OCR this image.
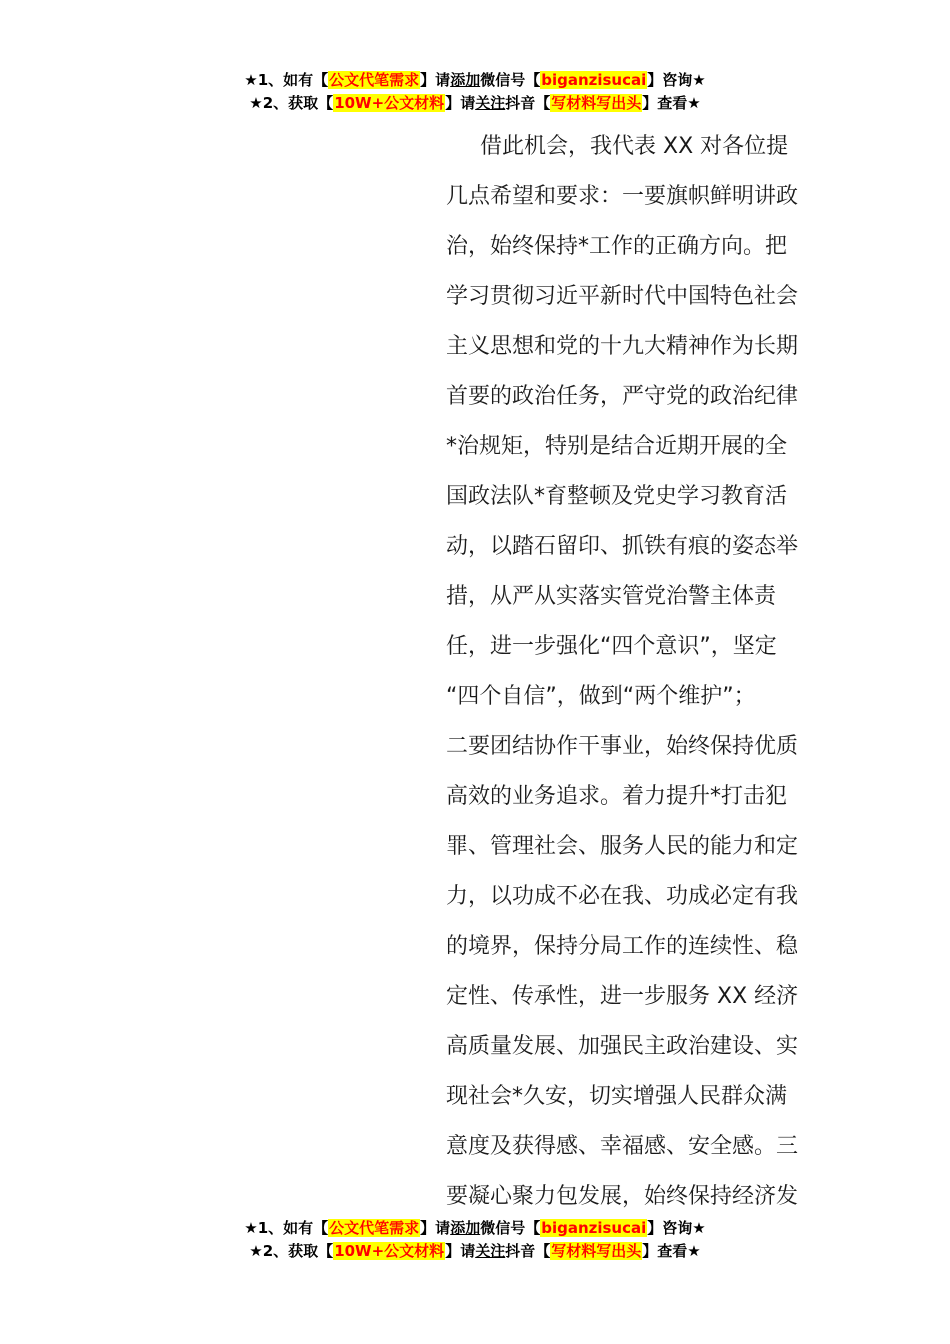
★1、如有【公文代笔需求】请添加微信号【biganzisucai】咨询★
★2、获取【10W+公文材料】请关注抖音【写材料写出头】查看★
借此机会，我代表 XX 对各位提
几点希望和要求：一要旗帜鲜明讲政
治，始终保持*工作的正确方向。把
学习贯彻习近平新时代中国特色社会
主义思想和党的十九大精神作为长期
首要的政治任务，严守党的政治纪律
*治规矩，特别是结合近期开展的全
国政法队*育整顿及党史学习教育活
动，以踏石留印、抓铁有痕的姿态举
措，从严从实落实管党治警主体责
任，进一步强化“四个意识”，坚定
“四个自信”，做到“两个维护”；
二要团结协作干事业，始终保持优质
高效的业务追求。着力提升*打击犯
罪、管理社会、服务人民的能力和定
力，以功成不必在我、功成必定有我
的境界，保持分局工作的连续性、稳
定性、传承性，进一步服务 XX 经济
高质量发展、加强民主政治建设、实
现社会*久安，切实增强人民群众满
意度及获得感、幸福感、安全感。三
要凝心聚力包发展，始终保持经济发
★1、如有【公文代笔需求】请添加微信号【biganzisucai】咨询★
★2、获取【10W+公文材料】请关注抖音【写材料写出头】查看★
